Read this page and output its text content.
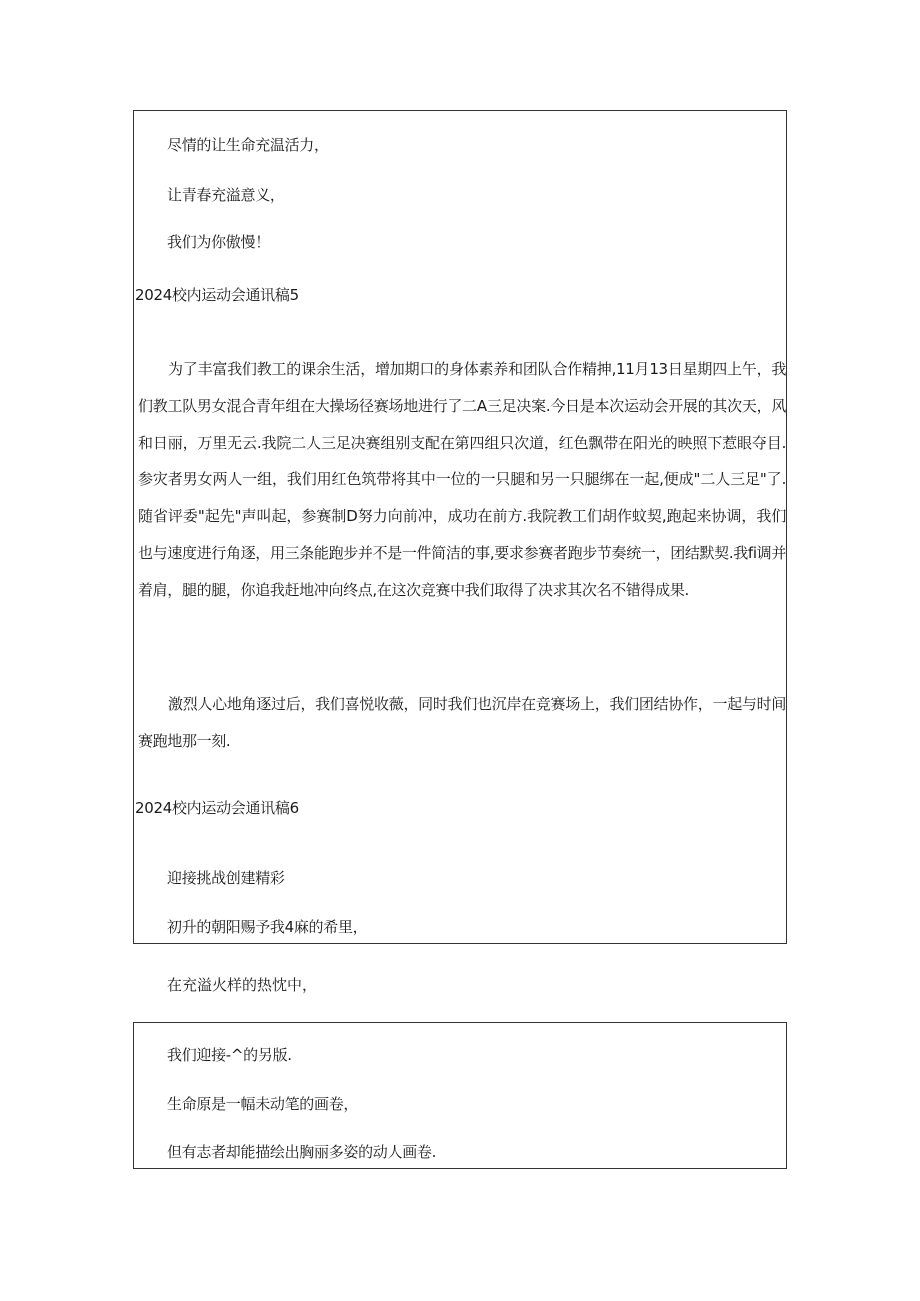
尽情的让生命充温活力，
让青春充溢意义，
我们为你傲慢！
2024校内运动会通讯稿5
为了丰富我们教工的课余生活，增加期口的身体素养和团队合作精抻,11月13日星期四上午，我们教工队男女混合青年组在大操场径赛场地进行了二A三足决案.今日是本次运动会开展的其次天，风和日丽，万里无云.我院二人三足决赛组别支配在第四组只次道，红色飘带在阳光的映照下惹眼夺目.参灾者男女两人一组，我们用红色筑带将其中一位的一只腿和另一只腿绑在一起,便成"二人三足"了.随省评委"起先"声叫起，参赛制D努力向前冲，成功在前方.我院教工们胡作蚊契,跑起来协调，我们也与速度进行角逐，用三条能跑步并不是一件简洁的事,要求参赛者跑步节奏统一，团结默契.我fi调并着肩，腿的腿，你追我赶地冲向终点,在这次竞赛中我们取得了决求其次名不错得成果.
激烈人心地角逐过后，我们喜悦收薇，同时我们也沉岸在竞赛场上，我们团结协作，一起与时间赛跑地那一刻.
2024校内运动会通讯稿6
迎接挑战创建精彩
初升的朝阳赐予我4麻的希里，
在充溢火样的热忱中，
我们迎接-^的另版.
生命原是一幅未动笔的画卷，
但有志者却能描绘出胸丽多姿的动人画卷.
